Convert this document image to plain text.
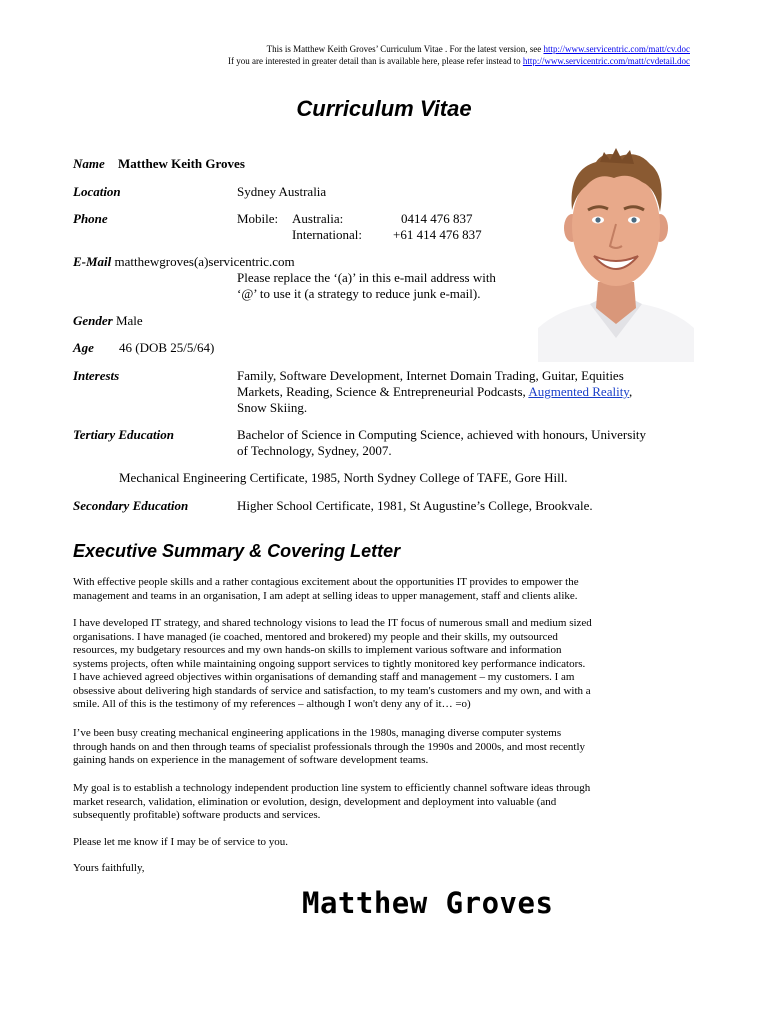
This is Matthew Keith Groves’ Curriculum Vitae . For the latest version, see http://www.servicentric.com/matt/cv.doc
If you are interested in greater detail than is available here, please refer instead to http://www.servicentric.com/matt/cvdetail.doc
Curriculum Vitae
Name Matthew Keith Groves
Location	Sydney Australia
Phone	Mobile: Australia:	0414 476 837
International: +61 414 476 837
E-Mail matthewgroves(a)servicentric.com
Please replace the ‘(a)’ in this e-mail address with
‘@’ to use it (a strategy to reduce junk e-mail).
Gender Male
Age 46 (DOB 25/5/64)
Interests	Family, Software Development, Internet Domain Trading, Guitar, Equities
Markets, Reading, Science & Entrepreneurial Podcasts, Augmented Reality,
Snow Skiing.
Tertiary Education	Bachelor of Science in Computing Science, achieved with honours, University
of Technology, Sydney, 2007.
Mechanical Engineering Certificate, 1985, North Sydney College of TAFE, Gore Hill.
Secondary Education	Higher School Certificate, 1981, St Augustine’s College, Brookvale.
Executive Summary & Covering Letter
With effective people skills and a rather contagious excitement about the opportunities IT provides to empower the
management and teams in an organisation, I am adept at selling ideas to upper management, staff and clients alike.
I have developed IT strategy, and shared technology visions to lead the IT focus of numerous small and medium sized
organisations. I have managed (ie coached, mentored and brokered) my people and their skills, my outsourced
resources, my budgetary resources and my own hands-on skills to implement various software and information
systems projects, often while maintaining ongoing support services to tightly monitored key performance indicators.
I have achieved agreed objectives within organisations of demanding staff and management – my customers. I am
obsessive about delivering high standards of service and satisfaction, to my team's customers and my own, and with a
smile. All of this is the testimony of my references – although I won't deny any of it… =o)
I’ve been busy creating mechanical engineering applications in the 1980s, managing diverse computer systems
through hands on and then through teams of specialist professionals through the 1990s and 2000s, and most recently
gaining hands on experience in the management of software development teams.
My goal is to establish a technology independent production line system to efficiently channel software ideas through
market research, validation, elimination or evolution, design, development and deployment into valuable (and
subsequently profitable) software products and services.
Please let me know if I may be of service to you.
Yours faithfully,
Matthew Groves
